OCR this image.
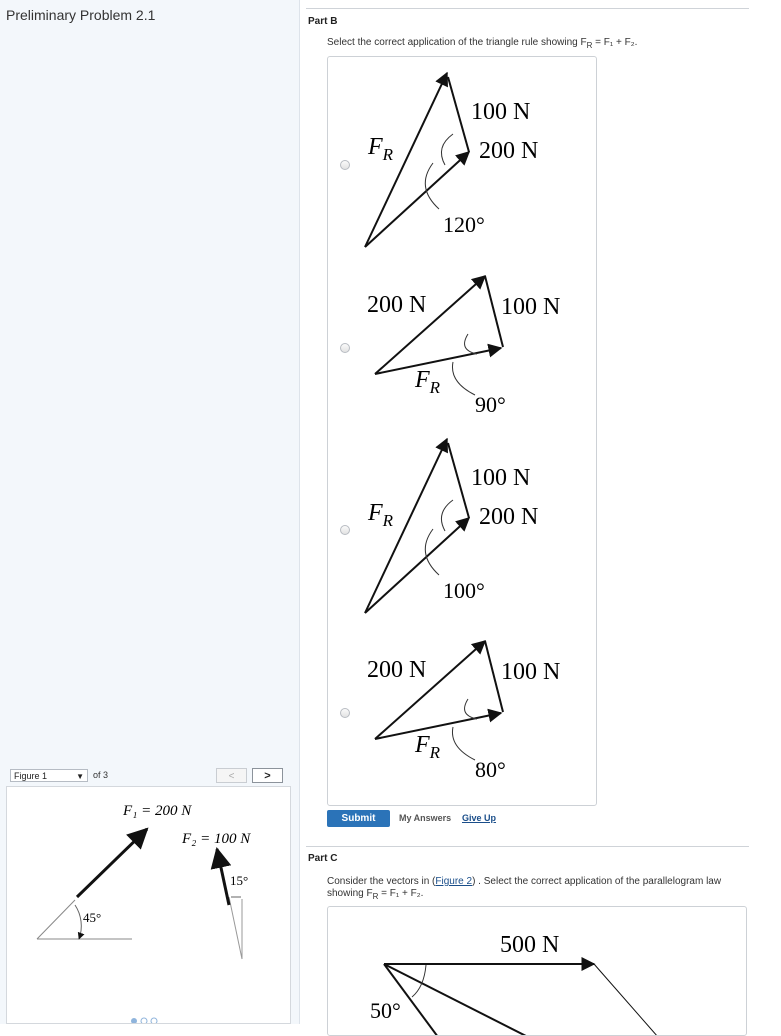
Preliminary Problem 2.1
Figure 1	▼ of 3	<	>
F₁ = 200 N
F₂ = 100 N
45°
15°
Part B
Select the correct application of the triangle rule showing $F_R = F_1 + F_2$.
100 N
200 N
$F_R$
120°
200 N	100 N
$F_R$
90°
100 N
200 N
$F_R$
100°
200 N	100 N
$F_R$
80°
Submit	My Answers Give Up
Part C
Consider the vectors in (Figure 2) . Select the correct application of the parallelogram law
showing $F_R = F_1 + F_2$.
500 N
50°
